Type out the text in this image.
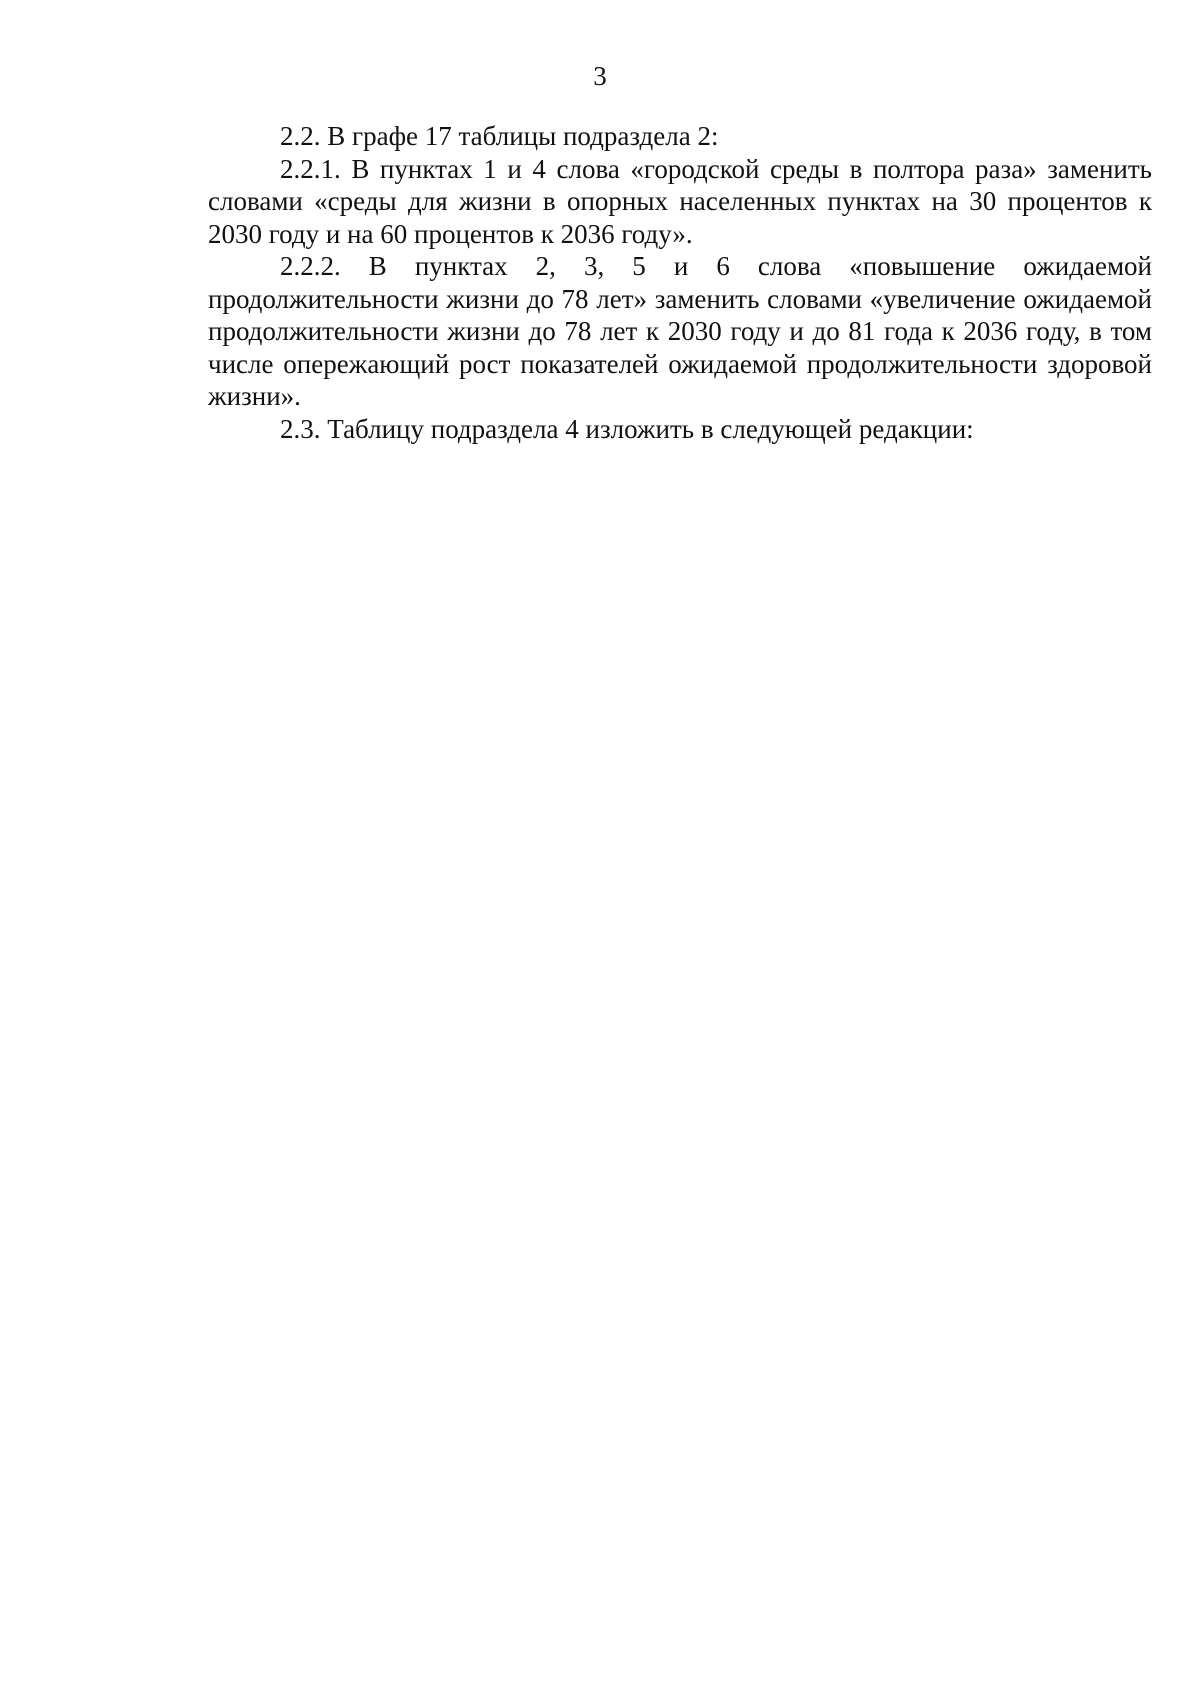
3

2.2. В графе 17 таблицы подраздела 2:

2.2.1. В пунктах 1 и 4 слова «городской среды в полтора раза» заменить словами «среды для жизни в опорных населенных пунктах на 30 процентов к 2030 году и на 60 процентов к 2036 году».

2.2.2. В пунктах 2, 3, 5 и 6 слова «повышение ожидаемой продолжительности жизни до 78 лет» заменить словами «увеличение ожидаемой продолжительности жизни до 78 лет к 2030 году и до 81 года к 2036 году, в том числе опережающий рост показателей ожидаемой продолжительности здоровой жизни».

2.3. Таблицу подраздела 4 изложить в следующей редакции:
